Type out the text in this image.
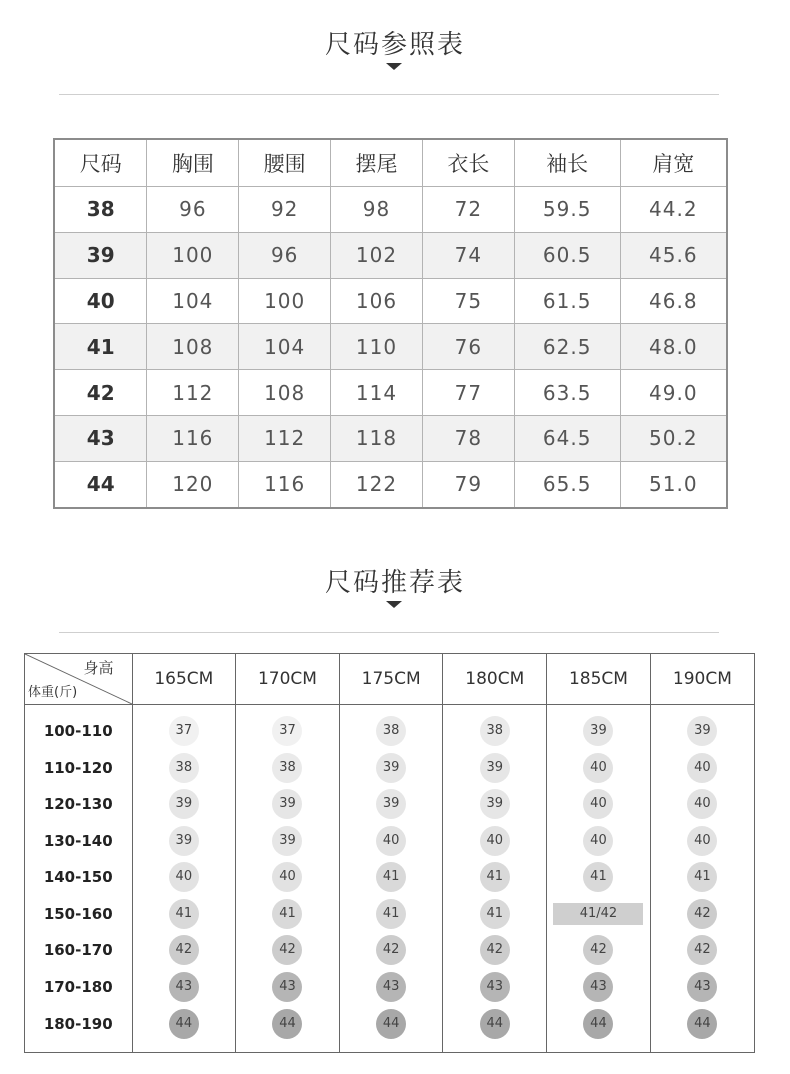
尺码参照表
尺码	胸围	腰围	摆尾	衣长	袖长	肩宽
38	96	92	98	72	59.5	44.2
39	100	96	102	74	60.5	45.6
40	104	100	106	75	61.5	46.8
41	108	104	110	76	62.5	48.0
42	112	108	114	77	63.5	49.0
43	116	112	118	78	64.5	50.2
44	120	116	122	79	65.5	51.0
尺码推荐表
身高
体重(斤)	165CM	170CM	175CM	180CM	185CM	190CM
100-110	37	37	38	38	39	39
110-120	38	38	39	39	40	40
120-130	39	39	39	39	40	40
130-140	39	39	40	40	40	40
140-150	40	40	41	41	41	41
150-160	41	41	41	41	41/42	42
160-170	42	42	42	42	42	42
170-180	43	43	43	43	43	43
180-190	44	44	44	44	44	44
